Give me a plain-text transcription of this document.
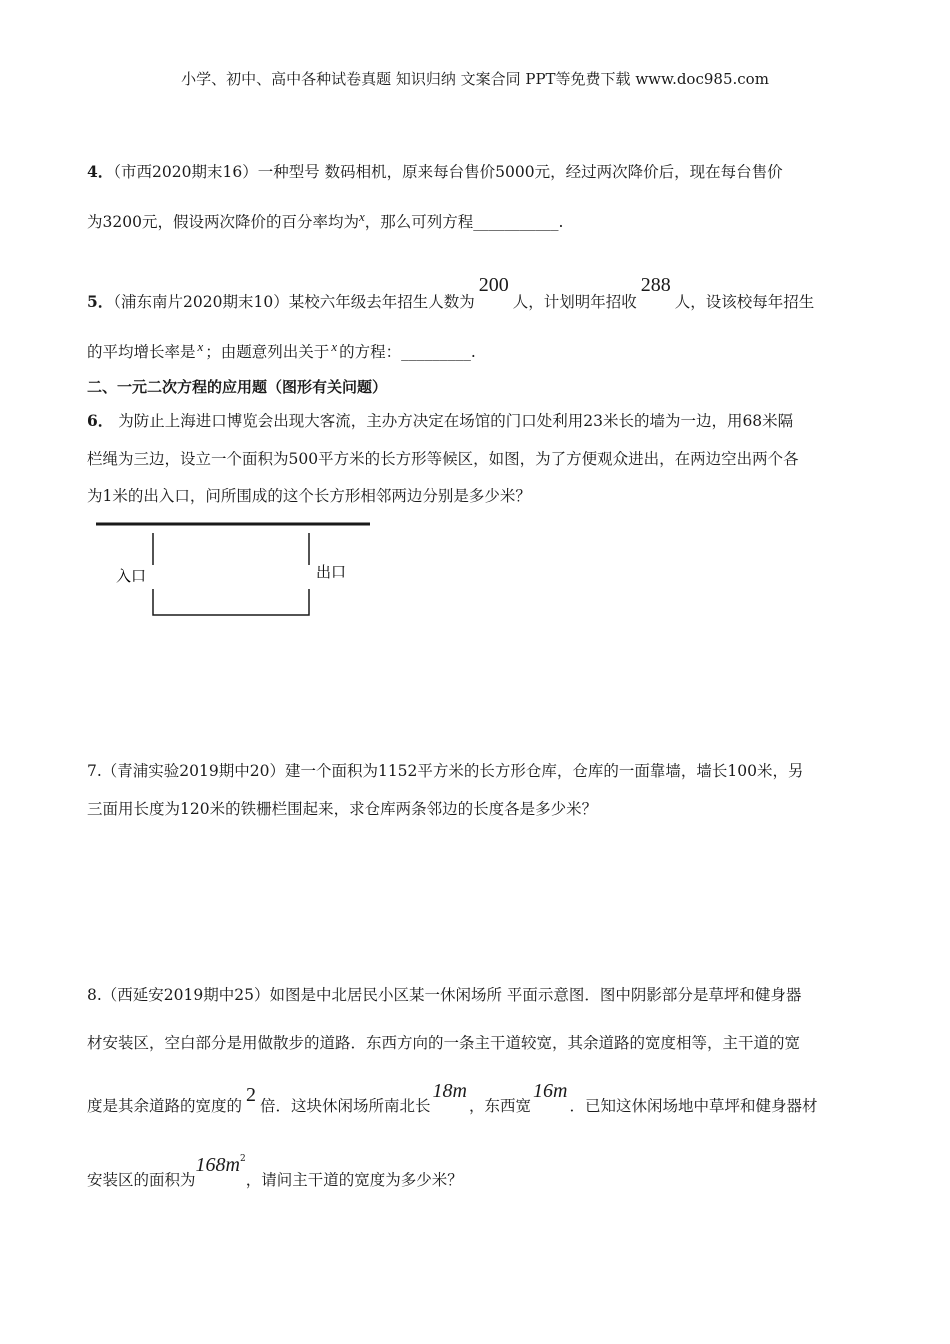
小学、初中、高中各种试卷真题 知识归纳 文案合同 PPT等免费下载 www.doc985.com
4．（市西2020期末16）一种型号 数码相机，原来每台售价5000元，经过两次降价后，现在每台售价
为3200元，假设两次降价的百分率均为$^x$，那么可列方程___________.
5．（浦东南片2020期末10）某校六年级去年招生人数为200人，计划明年招收288人，设该校每年招生
的平均增长率是 $^x$ ；由题意列出关于 $^x$ 的方程：_________.
二、一元二次方程的应用题（图形有关问题）
6． 为防止上海进口博览会出现大客流，主办方决定在场馆的门口处利用23米长的墙为一边，用68米隔
栏绳为三边，设立一个面积为500平方米的长方形等候区，如图，为了方便观众进出，在两边空出两个各
为1米的出入口，问所围成的这个长方形相邻两边分别是多少米？
入口	出口
7.（青浦实验2019期中20）建一个面积为1152平方米的长方形仓库，仓库的一面靠墙，墙长100米，另
三面用长度为120米的铁栅栏围起来，求仓库两条邻边的长度各是多少米？
8.（西延安2019期中25）如图是中北居民小区某一休闲场所 平面示意图．图中阴影部分是草坪和健身器
材安装区，空白部分是用做散步的道路．东西方向的一条主干道较宽，其余道路的宽度相等，主干道的宽
度是其余道路的宽度的 2 倍．这块休闲场所南北长18m，东西宽16m．已知这休闲场地中草坪和健身器材
安装区的面积为$168m^2$，请问主干道的宽度为多少米？
